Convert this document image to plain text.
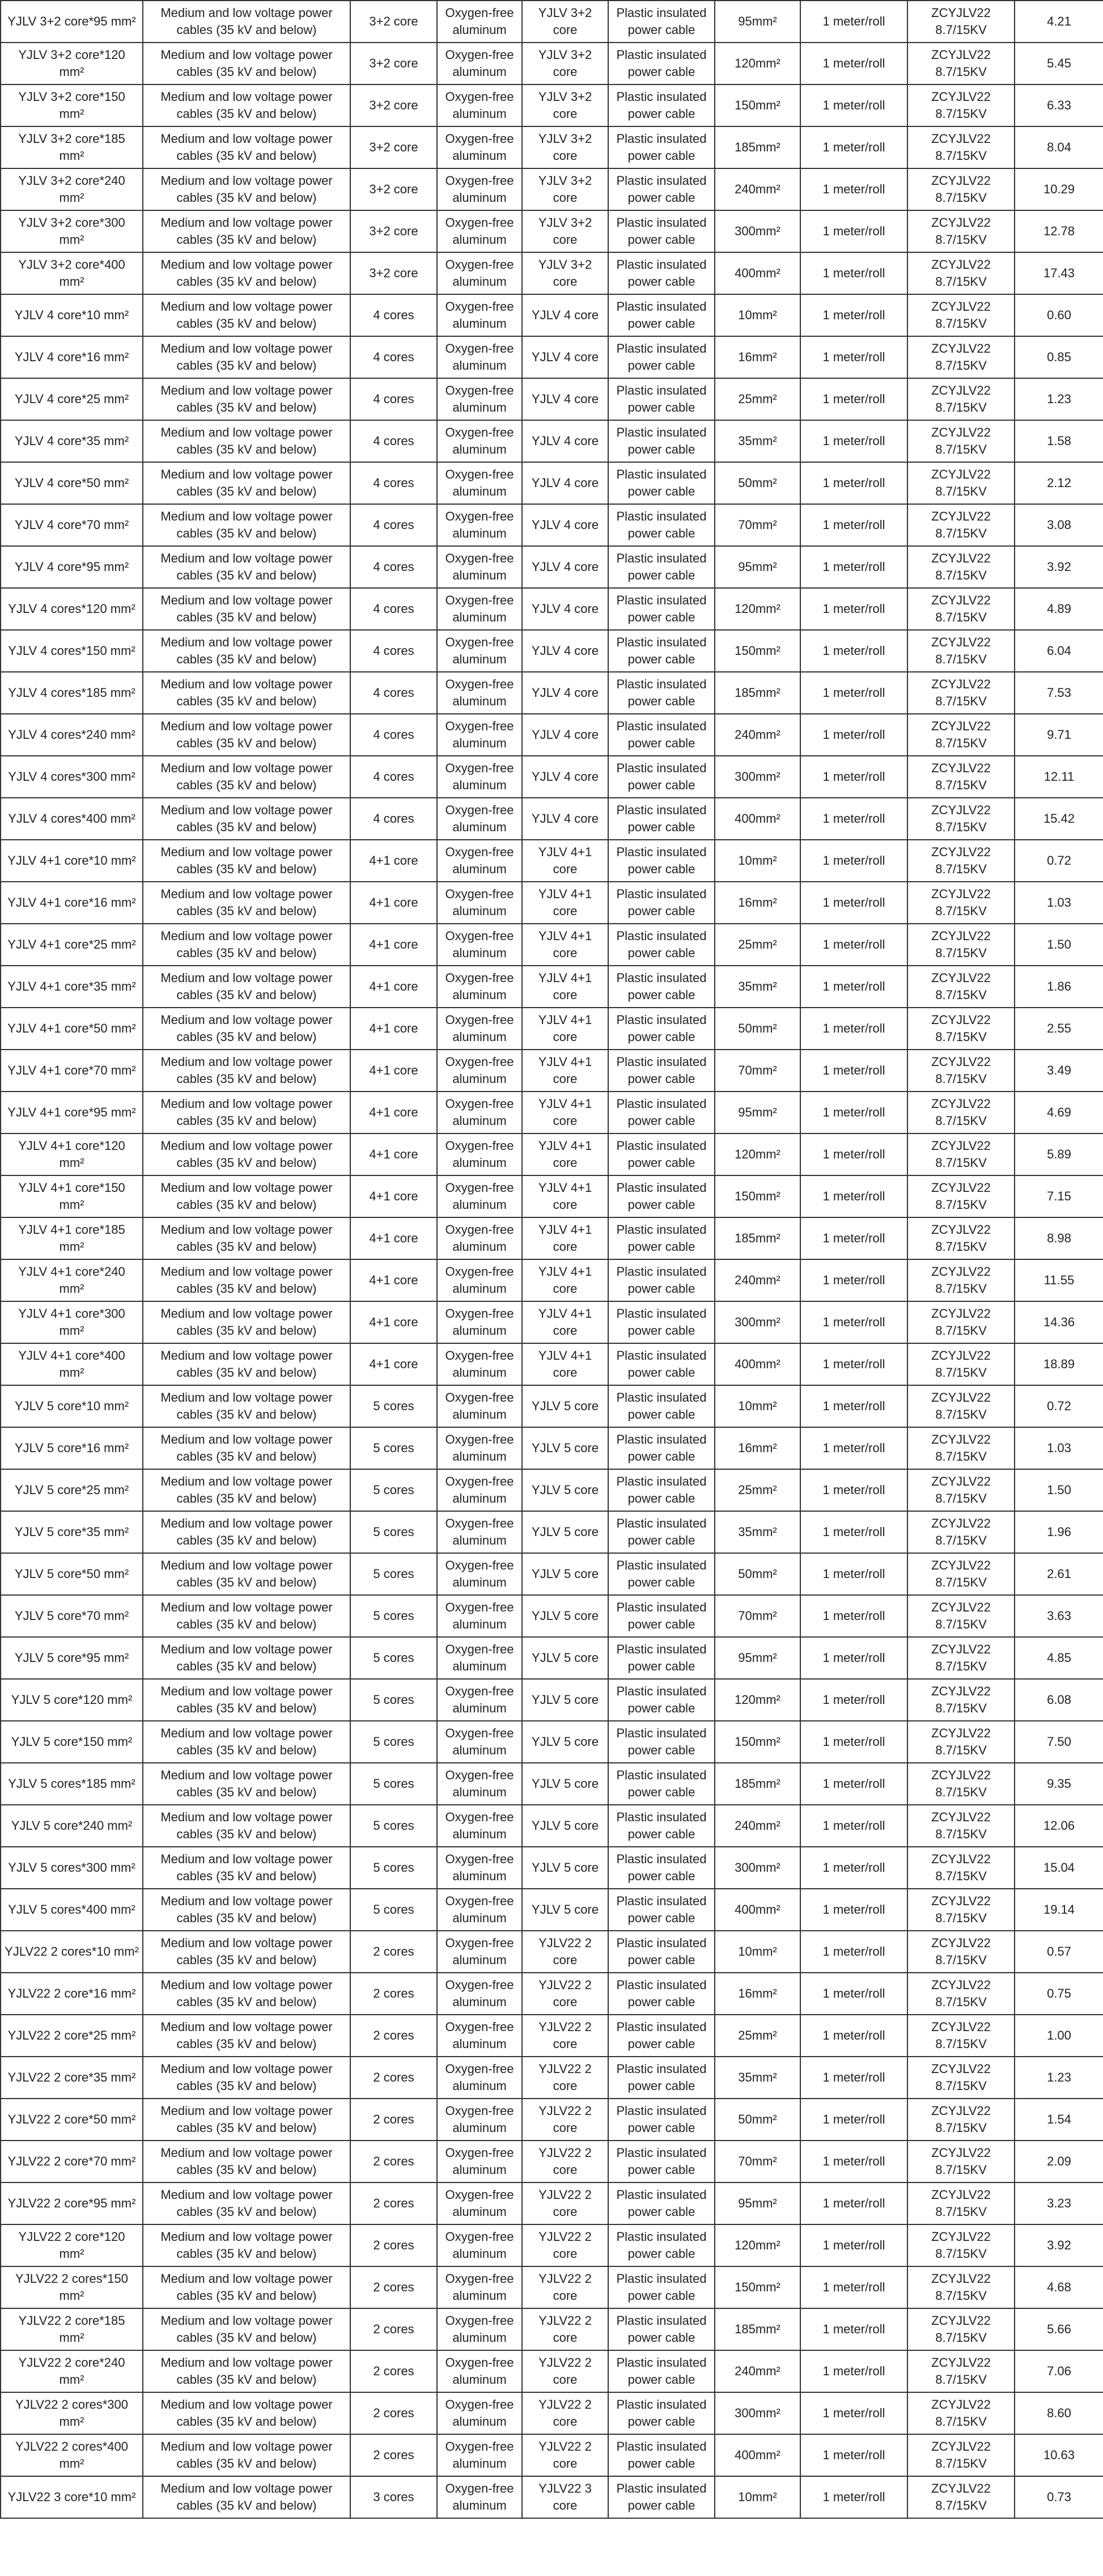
YJLV 3+2 core*95 mm²	Medium and low voltage power cables (35 kV and below)	3+2 core	Oxygen-free aluminum	YJLV 3+2 core	Plastic insulated power cable	95mm²	1 meter/roll	ZCYJLV22 8.7/15KV	4.21
YJLV 3+2 core*120 mm²	Medium and low voltage power cables (35 kV and below)	3+2 core	Oxygen-free aluminum	YJLV 3+2 core	Plastic insulated power cable	120mm²	1 meter/roll	ZCYJLV22 8.7/15KV	5.45
YJLV 3+2 core*150 mm²	Medium and low voltage power cables (35 kV and below)	3+2 core	Oxygen-free aluminum	YJLV 3+2 core	Plastic insulated power cable	150mm²	1 meter/roll	ZCYJLV22 8.7/15KV	6.33
YJLV 3+2 core*185 mm²	Medium and low voltage power cables (35 kV and below)	3+2 core	Oxygen-free aluminum	YJLV 3+2 core	Plastic insulated power cable	185mm²	1 meter/roll	ZCYJLV22 8.7/15KV	8.04
YJLV 3+2 core*240 mm²	Medium and low voltage power cables (35 kV and below)	3+2 core	Oxygen-free aluminum	YJLV 3+2 core	Plastic insulated power cable	240mm²	1 meter/roll	ZCYJLV22 8.7/15KV	10.29
YJLV 3+2 core*300 mm²	Medium and low voltage power cables (35 kV and below)	3+2 core	Oxygen-free aluminum	YJLV 3+2 core	Plastic insulated power cable	300mm²	1 meter/roll	ZCYJLV22 8.7/15KV	12.78
YJLV 3+2 core*400 mm²	Medium and low voltage power cables (35 kV and below)	3+2 core	Oxygen-free aluminum	YJLV 3+2 core	Plastic insulated power cable	400mm²	1 meter/roll	ZCYJLV22 8.7/15KV	17.43
YJLV 4 core*10 mm²	Medium and low voltage power cables (35 kV and below)	4 cores	Oxygen-free aluminum	YJLV 4 core	Plastic insulated power cable	10mm²	1 meter/roll	ZCYJLV22 8.7/15KV	0.60
YJLV 4 core*16 mm²	Medium and low voltage power cables (35 kV and below)	4 cores	Oxygen-free aluminum	YJLV 4 core	Plastic insulated power cable	16mm²	1 meter/roll	ZCYJLV22 8.7/15KV	0.85
YJLV 4 core*25 mm²	Medium and low voltage power cables (35 kV and below)	4 cores	Oxygen-free aluminum	YJLV 4 core	Plastic insulated power cable	25mm²	1 meter/roll	ZCYJLV22 8.7/15KV	1.23
YJLV 4 core*35 mm²	Medium and low voltage power cables (35 kV and below)	4 cores	Oxygen-free aluminum	YJLV 4 core	Plastic insulated power cable	35mm²	1 meter/roll	ZCYJLV22 8.7/15KV	1.58
YJLV 4 core*50 mm²	Medium and low voltage power cables (35 kV and below)	4 cores	Oxygen-free aluminum	YJLV 4 core	Plastic insulated power cable	50mm²	1 meter/roll	ZCYJLV22 8.7/15KV	2.12
YJLV 4 core*70 mm²	Medium and low voltage power cables (35 kV and below)	4 cores	Oxygen-free aluminum	YJLV 4 core	Plastic insulated power cable	70mm²	1 meter/roll	ZCYJLV22 8.7/15KV	3.08
YJLV 4 core*95 mm²	Medium and low voltage power cables (35 kV and below)	4 cores	Oxygen-free aluminum	YJLV 4 core	Plastic insulated power cable	95mm²	1 meter/roll	ZCYJLV22 8.7/15KV	3.92
YJLV 4 cores*120 mm²	Medium and low voltage power cables (35 kV and below)	4 cores	Oxygen-free aluminum	YJLV 4 core	Plastic insulated power cable	120mm²	1 meter/roll	ZCYJLV22 8.7/15KV	4.89
YJLV 4 cores*150 mm²	Medium and low voltage power cables (35 kV and below)	4 cores	Oxygen-free aluminum	YJLV 4 core	Plastic insulated power cable	150mm²	1 meter/roll	ZCYJLV22 8.7/15KV	6.04
YJLV 4 cores*185 mm²	Medium and low voltage power cables (35 kV and below)	4 cores	Oxygen-free aluminum	YJLV 4 core	Plastic insulated power cable	185mm²	1 meter/roll	ZCYJLV22 8.7/15KV	7.53
YJLV 4 cores*240 mm²	Medium and low voltage power cables (35 kV and below)	4 cores	Oxygen-free aluminum	YJLV 4 core	Plastic insulated power cable	240mm²	1 meter/roll	ZCYJLV22 8.7/15KV	9.71
YJLV 4 cores*300 mm²	Medium and low voltage power cables (35 kV and below)	4 cores	Oxygen-free aluminum	YJLV 4 core	Plastic insulated power cable	300mm²	1 meter/roll	ZCYJLV22 8.7/15KV	12.11
YJLV 4 cores*400 mm²	Medium and low voltage power cables (35 kV and below)	4 cores	Oxygen-free aluminum	YJLV 4 core	Plastic insulated power cable	400mm²	1 meter/roll	ZCYJLV22 8.7/15KV	15.42
YJLV 4+1 core*10 mm²	Medium and low voltage power cables (35 kV and below)	4+1 core	Oxygen-free aluminum	YJLV 4+1 core	Plastic insulated power cable	10mm²	1 meter/roll	ZCYJLV22 8.7/15KV	0.72
YJLV 4+1 core*16 mm²	Medium and low voltage power cables (35 kV and below)	4+1 core	Oxygen-free aluminum	YJLV 4+1 core	Plastic insulated power cable	16mm²	1 meter/roll	ZCYJLV22 8.7/15KV	1.03
YJLV 4+1 core*25 mm²	Medium and low voltage power cables (35 kV and below)	4+1 core	Oxygen-free aluminum	YJLV 4+1 core	Plastic insulated power cable	25mm²	1 meter/roll	ZCYJLV22 8.7/15KV	1.50
YJLV 4+1 core*35 mm²	Medium and low voltage power cables (35 kV and below)	4+1 core	Oxygen-free aluminum	YJLV 4+1 core	Plastic insulated power cable	35mm²	1 meter/roll	ZCYJLV22 8.7/15KV	1.86
YJLV 4+1 core*50 mm²	Medium and low voltage power cables (35 kV and below)	4+1 core	Oxygen-free aluminum	YJLV 4+1 core	Plastic insulated power cable	50mm²	1 meter/roll	ZCYJLV22 8.7/15KV	2.55
YJLV 4+1 core*70 mm²	Medium and low voltage power cables (35 kV and below)	4+1 core	Oxygen-free aluminum	YJLV 4+1 core	Plastic insulated power cable	70mm²	1 meter/roll	ZCYJLV22 8.7/15KV	3.49
YJLV 4+1 core*95 mm²	Medium and low voltage power cables (35 kV and below)	4+1 core	Oxygen-free aluminum	YJLV 4+1 core	Plastic insulated power cable	95mm²	1 meter/roll	ZCYJLV22 8.7/15KV	4.69
YJLV 4+1 core*120 mm²	Medium and low voltage power cables (35 kV and below)	4+1 core	Oxygen-free aluminum	YJLV 4+1 core	Plastic insulated power cable	120mm²	1 meter/roll	ZCYJLV22 8.7/15KV	5.89
YJLV 4+1 core*150 mm²	Medium and low voltage power cables (35 kV and below)	4+1 core	Oxygen-free aluminum	YJLV 4+1 core	Plastic insulated power cable	150mm²	1 meter/roll	ZCYJLV22 8.7/15KV	7.15
YJLV 4+1 core*185 mm²	Medium and low voltage power cables (35 kV and below)	4+1 core	Oxygen-free aluminum	YJLV 4+1 core	Plastic insulated power cable	185mm²	1 meter/roll	ZCYJLV22 8.7/15KV	8.98
YJLV 4+1 core*240 mm²	Medium and low voltage power cables (35 kV and below)	4+1 core	Oxygen-free aluminum	YJLV 4+1 core	Plastic insulated power cable	240mm²	1 meter/roll	ZCYJLV22 8.7/15KV	11.55
YJLV 4+1 core*300 mm²	Medium and low voltage power cables (35 kV and below)	4+1 core	Oxygen-free aluminum	YJLV 4+1 core	Plastic insulated power cable	300mm²	1 meter/roll	ZCYJLV22 8.7/15KV	14.36
YJLV 4+1 core*400 mm²	Medium and low voltage power cables (35 kV and below)	4+1 core	Oxygen-free aluminum	YJLV 4+1 core	Plastic insulated power cable	400mm²	1 meter/roll	ZCYJLV22 8.7/15KV	18.89
YJLV 5 core*10 mm²	Medium and low voltage power cables (35 kV and below)	5 cores	Oxygen-free aluminum	YJLV 5 core	Plastic insulated power cable	10mm²	1 meter/roll	ZCYJLV22 8.7/15KV	0.72
YJLV 5 core*16 mm²	Medium and low voltage power cables (35 kV and below)	5 cores	Oxygen-free aluminum	YJLV 5 core	Plastic insulated power cable	16mm²	1 meter/roll	ZCYJLV22 8.7/15KV	1.03
YJLV 5 core*25 mm²	Medium and low voltage power cables (35 kV and below)	5 cores	Oxygen-free aluminum	YJLV 5 core	Plastic insulated power cable	25mm²	1 meter/roll	ZCYJLV22 8.7/15KV	1.50
YJLV 5 core*35 mm²	Medium and low voltage power cables (35 kV and below)	5 cores	Oxygen-free aluminum	YJLV 5 core	Plastic insulated power cable	35mm²	1 meter/roll	ZCYJLV22 8.7/15KV	1.96
YJLV 5 core*50 mm²	Medium and low voltage power cables (35 kV and below)	5 cores	Oxygen-free aluminum	YJLV 5 core	Plastic insulated power cable	50mm²	1 meter/roll	ZCYJLV22 8.7/15KV	2.61
YJLV 5 core*70 mm²	Medium and low voltage power cables (35 kV and below)	5 cores	Oxygen-free aluminum	YJLV 5 core	Plastic insulated power cable	70mm²	1 meter/roll	ZCYJLV22 8.7/15KV	3.63
YJLV 5 core*95 mm²	Medium and low voltage power cables (35 kV and below)	5 cores	Oxygen-free aluminum	YJLV 5 core	Plastic insulated power cable	95mm²	1 meter/roll	ZCYJLV22 8.7/15KV	4.85
YJLV 5 core*120 mm²	Medium and low voltage power cables (35 kV and below)	5 cores	Oxygen-free aluminum	YJLV 5 core	Plastic insulated power cable	120mm²	1 meter/roll	ZCYJLV22 8.7/15KV	6.08
YJLV 5 core*150 mm²	Medium and low voltage power cables (35 kV and below)	5 cores	Oxygen-free aluminum	YJLV 5 core	Plastic insulated power cable	150mm²	1 meter/roll	ZCYJLV22 8.7/15KV	7.50
YJLV 5 cores*185 mm²	Medium and low voltage power cables (35 kV and below)	5 cores	Oxygen-free aluminum	YJLV 5 core	Plastic insulated power cable	185mm²	1 meter/roll	ZCYJLV22 8.7/15KV	9.35
YJLV 5 core*240 mm²	Medium and low voltage power cables (35 kV and below)	5 cores	Oxygen-free aluminum	YJLV 5 core	Plastic insulated power cable	240mm²	1 meter/roll	ZCYJLV22 8.7/15KV	12.06
YJLV 5 cores*300 mm²	Medium and low voltage power cables (35 kV and below)	5 cores	Oxygen-free aluminum	YJLV 5 core	Plastic insulated power cable	300mm²	1 meter/roll	ZCYJLV22 8.7/15KV	15.04
YJLV 5 cores*400 mm²	Medium and low voltage power cables (35 kV and below)	5 cores	Oxygen-free aluminum	YJLV 5 core	Plastic insulated power cable	400mm²	1 meter/roll	ZCYJLV22 8.7/15KV	19.14
YJLV22 2 cores*10 mm²	Medium and low voltage power cables (35 kV and below)	2 cores	Oxygen-free aluminum	YJLV22 2 core	Plastic insulated power cable	10mm²	1 meter/roll	ZCYJLV22 8.7/15KV	0.57
YJLV22 2 core*16 mm²	Medium and low voltage power cables (35 kV and below)	2 cores	Oxygen-free aluminum	YJLV22 2 core	Plastic insulated power cable	16mm²	1 meter/roll	ZCYJLV22 8.7/15KV	0.75
YJLV22 2 core*25 mm²	Medium and low voltage power cables (35 kV and below)	2 cores	Oxygen-free aluminum	YJLV22 2 core	Plastic insulated power cable	25mm²	1 meter/roll	ZCYJLV22 8.7/15KV	1.00
YJLV22 2 core*35 mm²	Medium and low voltage power cables (35 kV and below)	2 cores	Oxygen-free aluminum	YJLV22 2 core	Plastic insulated power cable	35mm²	1 meter/roll	ZCYJLV22 8.7/15KV	1.23
YJLV22 2 core*50 mm²	Medium and low voltage power cables (35 kV and below)	2 cores	Oxygen-free aluminum	YJLV22 2 core	Plastic insulated power cable	50mm²	1 meter/roll	ZCYJLV22 8.7/15KV	1.54
YJLV22 2 core*70 mm²	Medium and low voltage power cables (35 kV and below)	2 cores	Oxygen-free aluminum	YJLV22 2 core	Plastic insulated power cable	70mm²	1 meter/roll	ZCYJLV22 8.7/15KV	2.09
YJLV22 2 core*95 mm²	Medium and low voltage power cables (35 kV and below)	2 cores	Oxygen-free aluminum	YJLV22 2 core	Plastic insulated power cable	95mm²	1 meter/roll	ZCYJLV22 8.7/15KV	3.23
YJLV22 2 core*120 mm²	Medium and low voltage power cables (35 kV and below)	2 cores	Oxygen-free aluminum	YJLV22 2 core	Plastic insulated power cable	120mm²	1 meter/roll	ZCYJLV22 8.7/15KV	3.92
YJLV22 2 cores*150 mm²	Medium and low voltage power cables (35 kV and below)	2 cores	Oxygen-free aluminum	YJLV22 2 core	Plastic insulated power cable	150mm²	1 meter/roll	ZCYJLV22 8.7/15KV	4.68
YJLV22 2 core*185 mm²	Medium and low voltage power cables (35 kV and below)	2 cores	Oxygen-free aluminum	YJLV22 2 core	Plastic insulated power cable	185mm²	1 meter/roll	ZCYJLV22 8.7/15KV	5.66
YJLV22 2 core*240 mm²	Medium and low voltage power cables (35 kV and below)	2 cores	Oxygen-free aluminum	YJLV22 2 core	Plastic insulated power cable	240mm²	1 meter/roll	ZCYJLV22 8.7/15KV	7.06
YJLV22 2 cores*300 mm²	Medium and low voltage power cables (35 kV and below)	2 cores	Oxygen-free aluminum	YJLV22 2 core	Plastic insulated power cable	300mm²	1 meter/roll	ZCYJLV22 8.7/15KV	8.60
YJLV22 2 cores*400 mm²	Medium and low voltage power cables (35 kV and below)	2 cores	Oxygen-free aluminum	YJLV22 2 core	Plastic insulated power cable	400mm²	1 meter/roll	ZCYJLV22 8.7/15KV	10.63
YJLV22 3 core*10 mm²	Medium and low voltage power cables (35 kV and below)	3 cores	Oxygen-free aluminum	YJLV22 3 core	Plastic insulated power cable	10mm²	1 meter/roll	ZCYJLV22 8.7/15KV	0.73
